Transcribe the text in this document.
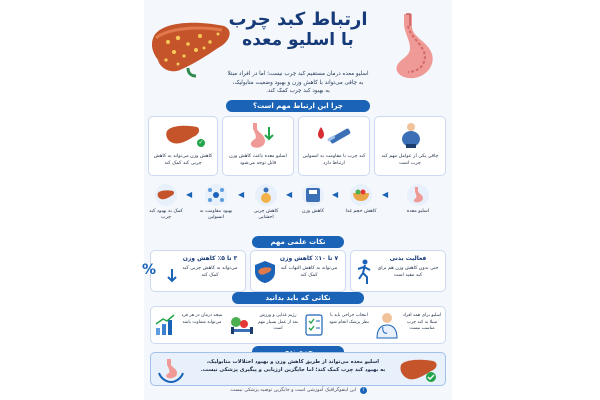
ارتباط کبد چرب
با اسلیو معده
اسلیو معده درمان مستقیم کبد چرب نیست؛ اما در افراد مبتلا
به چاقی می‌تواند با کاهش وزن و بهبود وضعیت متابولیک،
به بهبود کبد چرب کمک کند.
چرا این ارتباط مهم است؟
چاقی یکی از عوامل مهم کبد چرب است
کبد چرب با مقاومت به انسولین ارتباط دارد
اسلیو معده باعث کاهش وزن قابل توجه می‌شود
✓
کاهش وزن می‌تواند به کاهش چربی کبد کمک کند
اسلیو معده
◀
کاهش حجم غذا
◀
کاهش وزن
◀
کاهش چربی احشایی
◀
بهبود مقاومت به انسولین
◀
کمک به بهبود کبد چرب
نکات علمی مهم
فعالیت بدنی
حتی بدون کاهش وزن هم برای کبد مفید است
۷ تا ۱۰٪ کاهش وزن
می‌تواند به کاهش التهاب کبد کمک کند
%
۳ تا ۵٪ کاهش وزن
می‌تواند به کاهش چربی کبد کمک کند
نکاتی که باید بدانید
اسلیو برای همه افراد مبتلا به کبد چرب مناسب نیست
انتخاب جراحی باید با نظر پزشک انجام شود
رژیم غذایی و ورزش بعد از عمل بسیار مهم است
نتیجه درمان در هر فرد می‌تواند متفاوت باشد
اسلیو معده می‌تواند از طریق کاهش وزن و بهبود اختلالات متابولیک،
به بهبود کبد چرب کمک کند؛ اما جایگزین ارزیابی و پیگیری پزشکی نیست.
i این اینفوگرافیک آموزشی است و جایگزین توصیه پزشکی نیست.
